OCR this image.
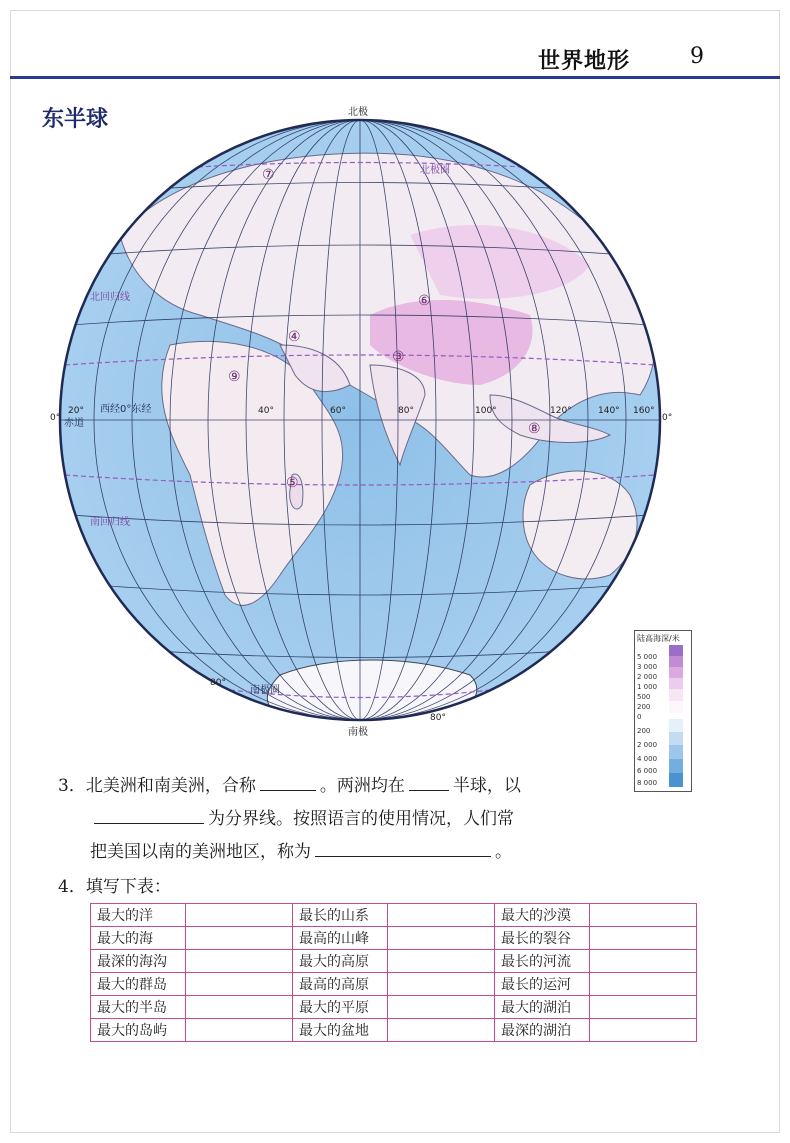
世界地形	9
东半球	北极
南极
北极圈
北回归线
南回归线
赤道
西经0°东经
南极圈
20°	40°	60°	80°	100°	120°	140° 160°
0°	0°
80°
80°
⑦
⑥
④
③
⑨
⑧
⑤
陆高海深/米
5 000
3 000
2 000
1 000
500
200
0
200
2 000
4 000
6 000
8 000
3．北美洲和南美洲，合称	。两洲均在	半球，以
为分界线。按照语言的使用情况，人们常
把美国以南的美洲地区，称为	。
4．填写下表：
最大的洋		最长的山系		最大的沙漠	
最大的海		最高的山峰		最长的裂谷	
最深的海沟		最大的高原		最长的河流	
最大的群岛		最高的高原		最长的运河	
最大的半岛		最大的平原		最大的湖泊	
最大的岛屿		最大的盆地		最深的湖泊	
